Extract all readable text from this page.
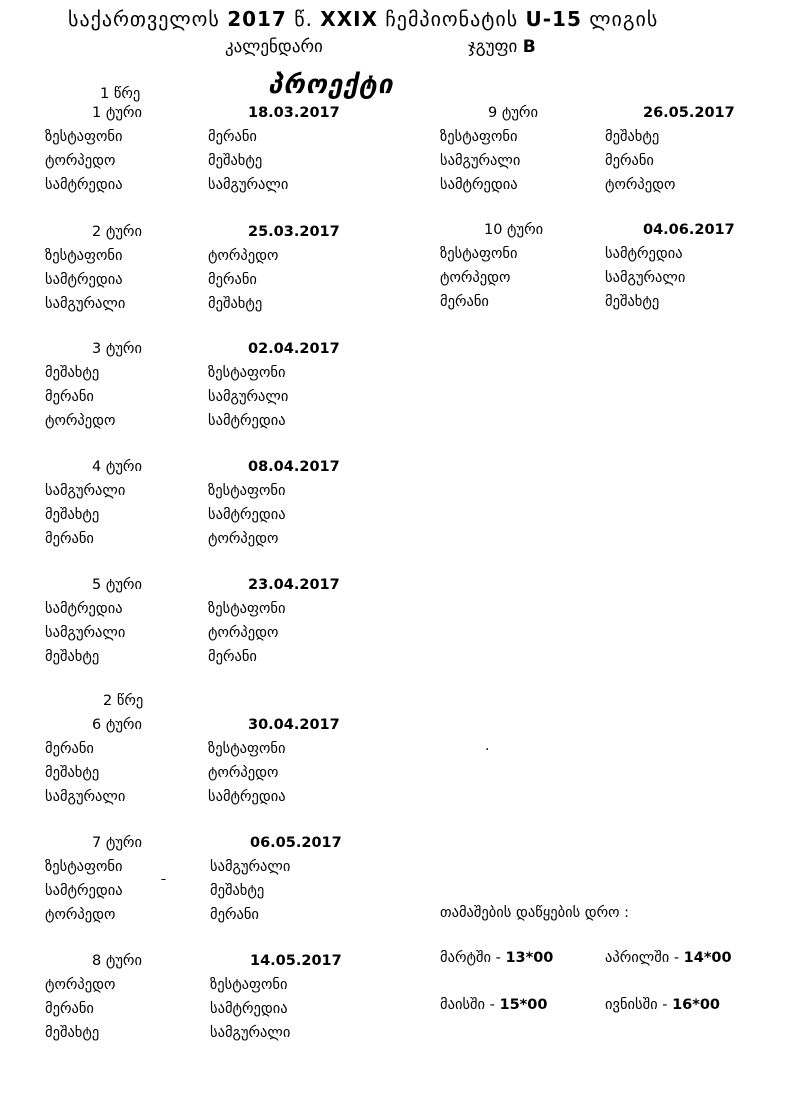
საქართველოს 2017 წ. XXIX ჩემპიონატის U-15 ლიგის
კალენდარი	ჯგუფი B
პროექტი
1 წრე
2 წრე
1 ტური	18.03.2017
ზესტაფონი	მერანი
ტორპედო	მეშახტე
სამტრედია	სამგურალი
2 ტური	25.03.2017
ზესტაფონი	ტორპედო
სამტრედია	მერანი
სამგურალი	მეშახტე
3 ტური	02.04.2017
მეშახტე	ზესტაფონი
მერანი	სამგურალი
ტორპედო	სამტრედია
4 ტური	08.04.2017
სამგურალი	ზესტაფონი
მეშახტე	სამტრედია
მერანი	ტორპედო
5 ტური	23.04.2017
სამტრედია	ზესტაფონი
სამგურალი	ტორპედო
მეშახტე	მერანი
6 ტური	30.04.2017
მერანი	ზესტაფონი
მეშახტე	ტორპედო
სამგურალი	სამტრედია
7 ტური	06.05.2017
ზესტაფონი	სამგურალი
სამტრედია	მეშახტე
ტორპედო	მერანი
8 ტური	14.05.2017
ტორპედო	ზესტაფონი
მერანი	სამტრედია
მეშახტე	სამგურალი
9 ტური	26.05.2017
ზესტაფონი	მეშახტე
სამგურალი	მერანი
სამტრედია	ტორპედო
10 ტური	04.06.2017
ზესტაფონი	სამტრედია
ტორპედო	სამგურალი
მერანი	მეშახტე
.
ˍ
თამაშების დაწყების დრო :
მარტში - 13*00	აპრილში - 14*00
მაისში - 15*00	ივნისში - 16*00
